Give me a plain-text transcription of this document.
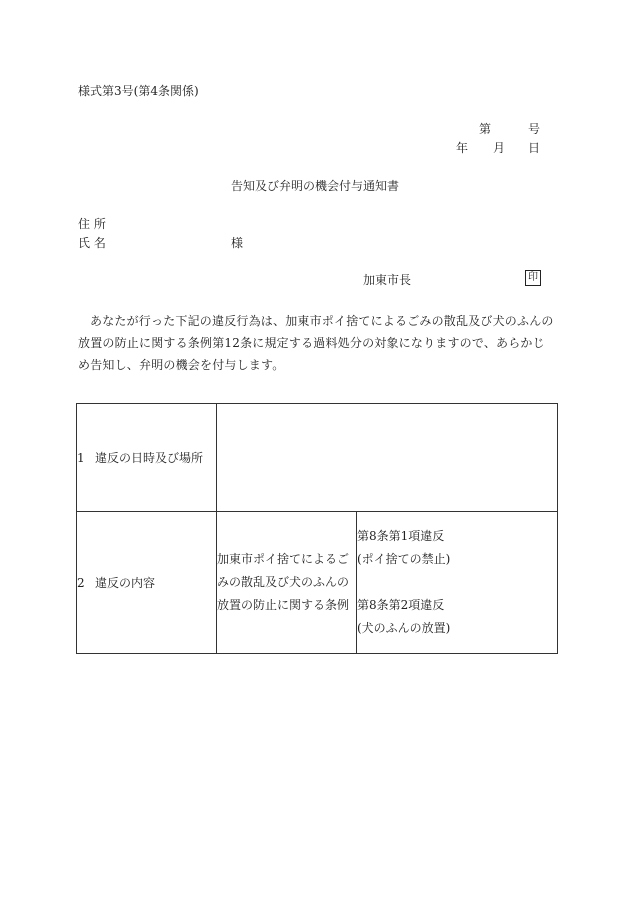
様式第3号(第4条関係)
第	号
年 月 日
告知及び弁明の機会付与通知書
住 所
氏 名	様
加東市長	印
あなたが行った下記の違反行為は、加東市ポイ捨てによるごみの散乱及び犬のふんの放置の防止に関する条例第12条に規定する過料処分の対象になりますので、あらかじめ告知し、弁明の機会を付与します。
1 違反の日時及び場所		
2 違反の内容	加東市ポイ捨てによるごみの散乱及び犬のふんの放置の防止に関する条例	第8条第1項違反
(ポイ捨ての禁止)
第8条第2項違反
(犬のふんの放置)
